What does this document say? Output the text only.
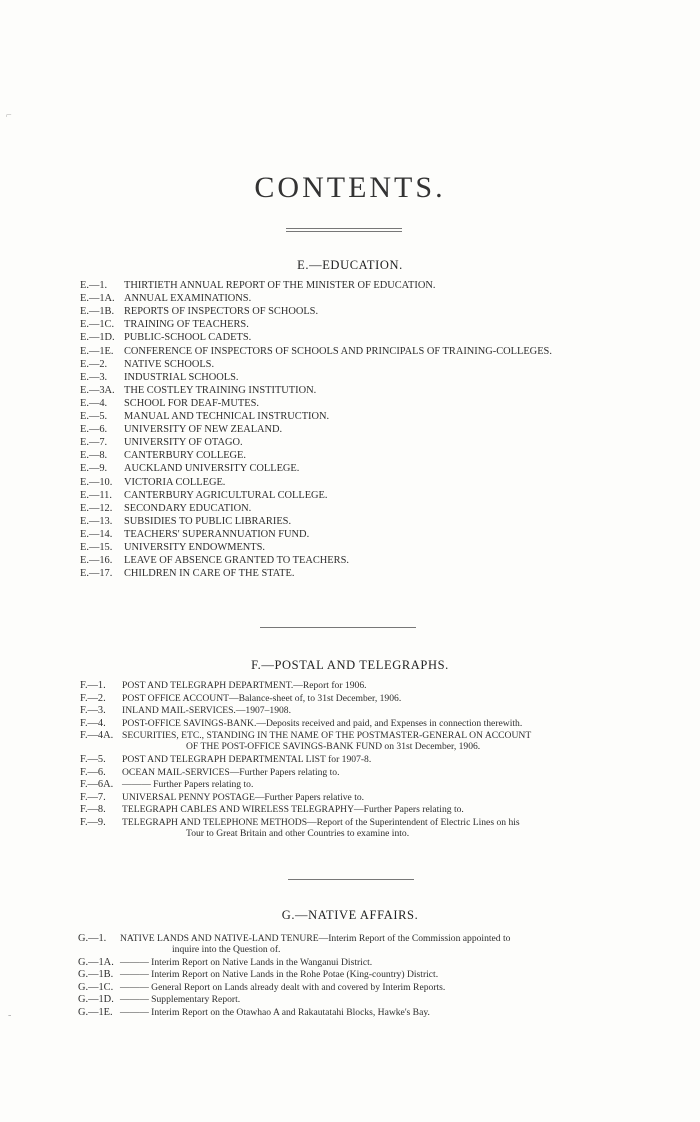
CONTENTS.
E.—EDUCATION.
E.—1. THIRTIETH ANNUAL REPORT OF THE MINISTER OF EDUCATION.
E.—1A. ANNUAL EXAMINATIONS.
E.—1B. REPORTS OF INSPECTORS OF SCHOOLS.
E.—1C. TRAINING OF TEACHERS.
E.—1D. PUBLIC-SCHOOL CADETS.
E.—1E. CONFERENCE OF INSPECTORS OF SCHOOLS AND PRINCIPALS OF TRAINING-COLLEGES.
E.—2. NATIVE SCHOOLS.
E.—3. INDUSTRIAL SCHOOLS.
E.—3A. THE COSTLEY TRAINING INSTITUTION.
E.—4. SCHOOL FOR DEAF-MUTES.
E.—5. MANUAL AND TECHNICAL INSTRUCTION.
E.—6. UNIVERSITY OF NEW ZEALAND.
E.—7. UNIVERSITY OF OTAGO.
E.—8. CANTERBURY COLLEGE.
E.—9. AUCKLAND UNIVERSITY COLLEGE.
E.—10. VICTORIA COLLEGE.
E.—11. CANTERBURY AGRICULTURAL COLLEGE.
E.—12. SECONDARY EDUCATION.
E.—13. SUBSIDIES TO PUBLIC LIBRARIES.
E.—14. TEACHERS' SUPERANNUATION FUND.
E.—15. UNIVERSITY ENDOWMENTS.
E.—16. LEAVE OF ABSENCE GRANTED TO TEACHERS.
E.—17. CHILDREN IN CARE OF THE STATE.
F.—POSTAL AND TELEGRAPHS.
F.—1. POST AND TELEGRAPH DEPARTMENT.—Report for 1906.
F.—2. POST OFFICE ACCOUNT—Balance-sheet of, to 31st December, 1906.
F.—3. INLAND MAIL-SERVICES.—1907–1908.
F.—4. POST-OFFICE SAVINGS-BANK.—Deposits received and paid, and Expenses in connection therewith.
F.—4A. SECURITIES, ETC., STANDING IN THE NAME OF THE POSTMASTER-GENERAL ON ACCOUNT
OF THE POST-OFFICE SAVINGS-BANK FUND on 31st December, 1906.
F.—5. POST AND TELEGRAPH DEPARTMENTAL LIST for 1907-8.
F.—6. OCEAN MAIL-SERVICES—Further Papers relating to.
F.—6A. ——— Further Papers relating to.
F.—7. UNIVERSAL PENNY POSTAGE—Further Papers relative to.
F.—8. TELEGRAPH CABLES AND WIRELESS TELEGRAPHY—Further Papers relating to.
F.—9. TELEGRAPH AND TELEPHONE METHODS—Report of the Superintendent of Electric Lines on his
Tour to Great Britain and other Countries to examine into.
G.—NATIVE AFFAIRS.
G.—1. NATIVE LANDS AND NATIVE-LAND TENURE—Interim Report of the Commission appointed to
inquire into the Question of.
G.—1A. ——— Interim Report on Native Lands in the Wanganui District.
G.—1B. ——— Interim Report on Native Lands in the Rohe Potae (King-country) District.
G.—1C. ——— General Report on Lands already dealt with and covered by Interim Reports.
G.—1D. ——— Supplementary Report.
G.—1E. ——— Interim Report on the Otawhao A and Rakautatahi Blocks, Hawke's Bay.
⌐
-
